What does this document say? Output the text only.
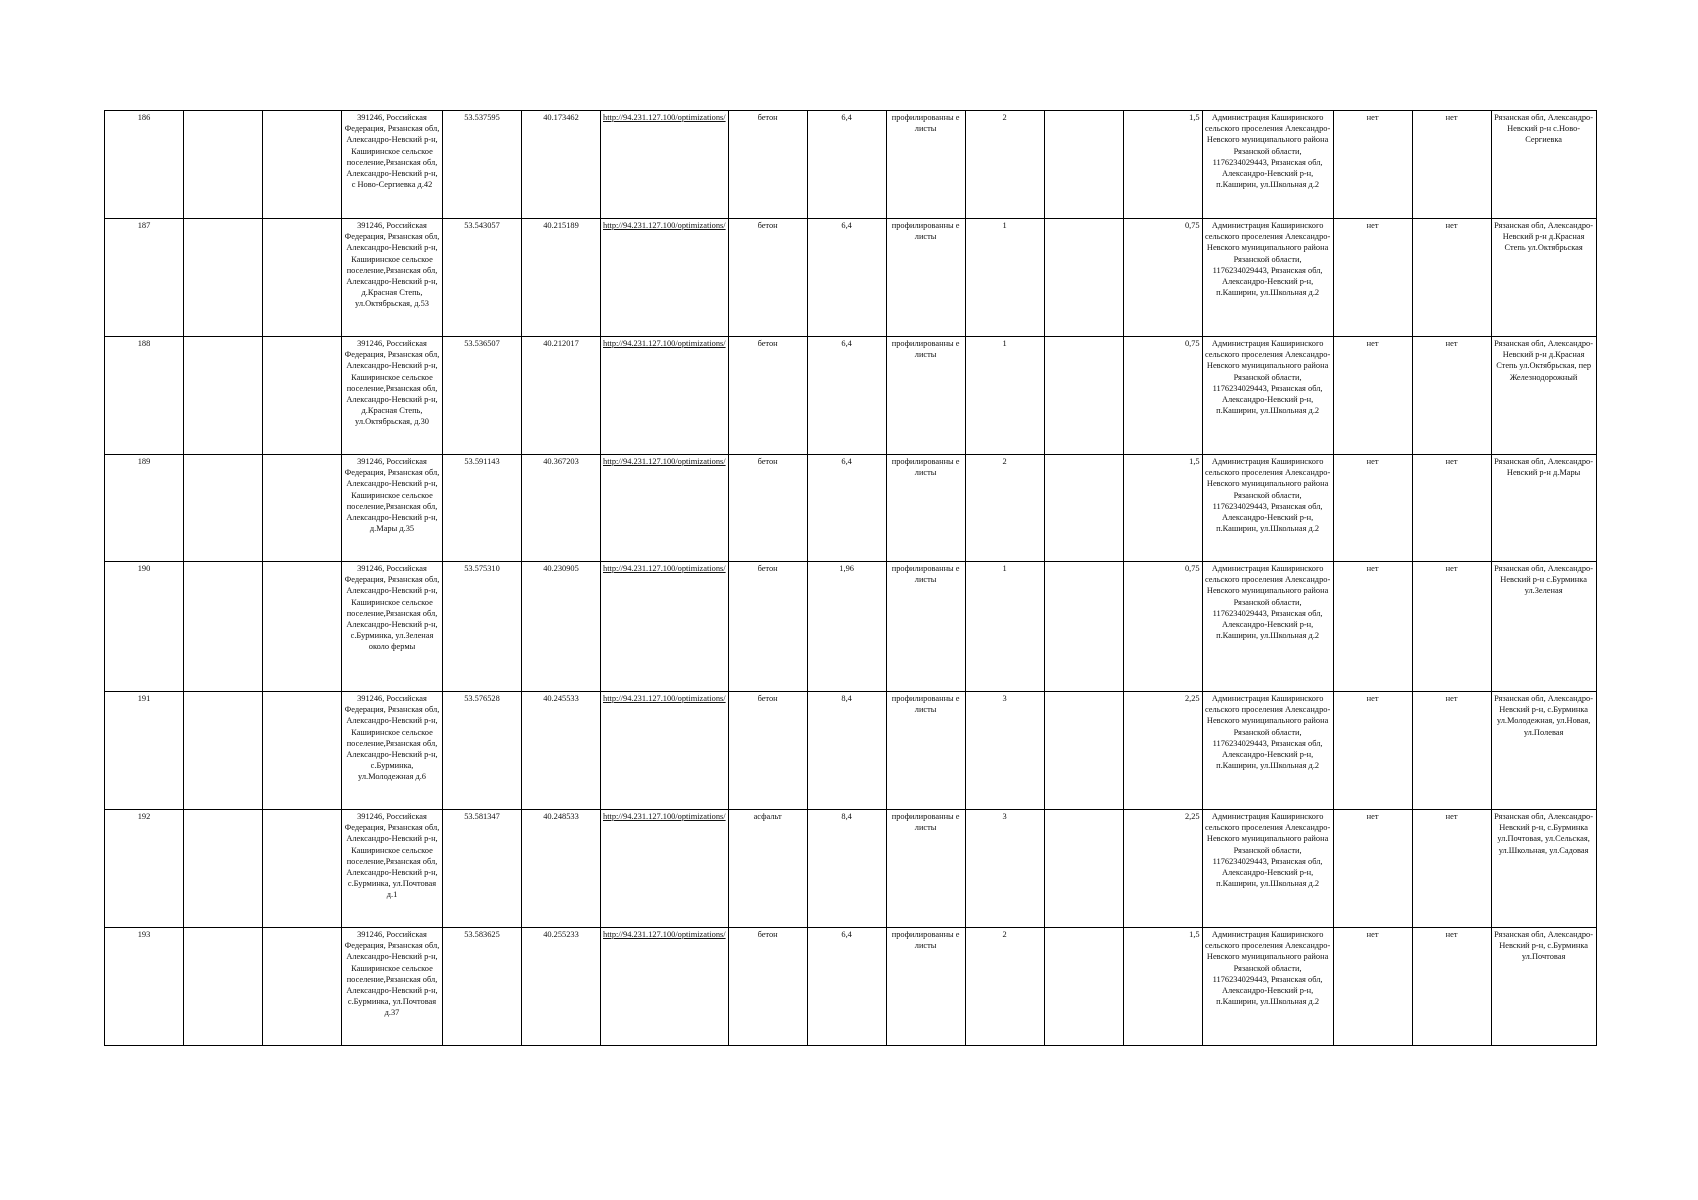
186			391246, Российская Федерация, Рязанская обл, Александро-Невский р-н, Каширинское сельское поселение,Рязанская обл, Александро-Невский р-н, с Ново-Сергиевка д.42	53.537595	40.173462	http://94.231.127.100/optimizations/	бетон	6,4	профилированны е листы	2		1,5	Администрация Каширинского сельского проселения Александро-Невского муниципального района Рязанской области, 1176234029443, Рязанская обл, Александро-Невский р-н, п.Каширин, ул.Школьная д.2	нет	нет	Рязанская обл, Александро-Невский р-н с.Ново-Сергиевка
187			391246, Российская Федерация, Рязанская обл, Александро-Невский р-н, Каширинское сельское поселение,Рязанская обл, Александро-Невский р-н, д.Красная Степь, ул.Октябрьская, д.53	53.543057	40.215189	http://94.231.127.100/optimizations/	бетон	6,4	профилированны е листы	1		0,75	Администрация Каширинского сельского проселения Александро-Невского муниципального района Рязанской области, 1176234029443, Рязанская обл, Александро-Невский р-н, п.Каширин, ул.Школьная д.2	нет	нет	Рязанская обл, Александро-Невский р-н д.Красная Степь ул.Октябрьская
188			391246, Российская Федерация, Рязанская обл, Александро-Невский р-н, Каширинское сельское поселение,Рязанская обл, Александро-Невский р-н, д.Красная Степь, ул.Октябрьская, д.30	53.536507	40.212017	http://94.231.127.100/optimizations/	бетон	6,4	профилированны е листы	1		0,75	Администрация Каширинского сельского проселения Александро-Невского муниципального района Рязанской области, 1176234029443, Рязанская обл, Александро-Невский р-н, п.Каширин, ул.Школьная д.2	нет	нет	Рязанская обл, Александро-Невский р-н д.Красная Степь ул.Октябрьская, пер Железнодорожный
189			391246, Российская Федерация, Рязанская обл, Александро-Невский р-н, Каширинское сельское поселение,Рязанская обл, Александро-Невский р-н, д.Мары д.35	53.591143	40.367203	http://94.231.127.100/optimizations/	бетон	6,4	профилированны е листы	2		1,5	Администрация Каширинского сельского проселения Александро-Невского муниципального района Рязанской области, 1176234029443, Рязанская обл, Александро-Невский р-н, п.Каширин, ул.Школьная д.2	нет	нет	Рязанская обл, Александро-Невский р-н д.Мары
190			391246, Российская Федерация, Рязанская обл, Александро-Невский р-н, Каширинское сельское поселение,Рязанская обл, Александро-Невский р-н, с.Бурминка, ул.Зеленая около фермы	53.575310	40.230905	http://94.231.127.100/optimizations/	бетон	1,96	профилированны е листы	1		0,75	Администрация Каширинского сельского проселения Александро-Невского муниципального района Рязанской области, 1176234029443, Рязанская обл, Александро-Невский р-н, п.Каширин, ул.Школьная д.2	нет	нет	Рязанская обл, Александро-Невский р-н с.Бурминка ул.Зеленая
191			391246, Российская Федерация, Рязанская обл, Александро-Невский р-н, Каширинское сельское поселение,Рязанская обл, Александро-Невский р-н, с.Бурминка, ул.Молодежная д.6	53.576528	40.245533	http://94.231.127.100/optimizations/	бетон	8,4	профилированны е листы	3		2,25	Администрация Каширинского сельского проселения Александро-Невского муниципального района Рязанской области, 1176234029443, Рязанская обл, Александро-Невский р-н, п.Каширин, ул.Школьная д.2	нет	нет	Рязанская обл, Александро-Невский р-н, с.Бурминка ул.Молодежная, ул.Новая, ул.Полевая
192			391246, Российская Федерация, Рязанская обл, Александро-Невский р-н, Каширинское сельское поселение,Рязанская обл, Александро-Невский р-н, с.Бурминка, ул.Почтовая д.1	53.581347	40.248533	http://94.231.127.100/optimizations/	асфальт	8,4	профилированны е листы	3		2,25	Администрация Каширинского сельского проселения Александро-Невского муниципального района Рязанской области, 1176234029443, Рязанская обл, Александро-Невский р-н, п.Каширин, ул.Школьная д.2	нет	нет	Рязанская обл, Александро-Невский р-н, с.Бурминка ул.Почтовая, ул.Сельская, ул.Школьная, ул.Садовая
193			391246, Российская Федерация, Рязанская обл, Александро-Невский р-н, Каширинское сельское поселение,Рязанская обл, Александро-Невский р-н, с.Бурминка, ул.Почтовая д.37	53.583625	40.255233	http://94.231.127.100/optimizations/	бетон	6,4	профилированны е листы	2		1,5	Администрация Каширинского сельского проселения Александро-Невского муниципального района Рязанской области, 1176234029443, Рязанская обл, Александро-Невский р-н, п.Каширин, ул.Школьная д.2	нет	нет	Рязанская обл, Александро-Невский р-н, с.Бурминка ул.Почтовая
